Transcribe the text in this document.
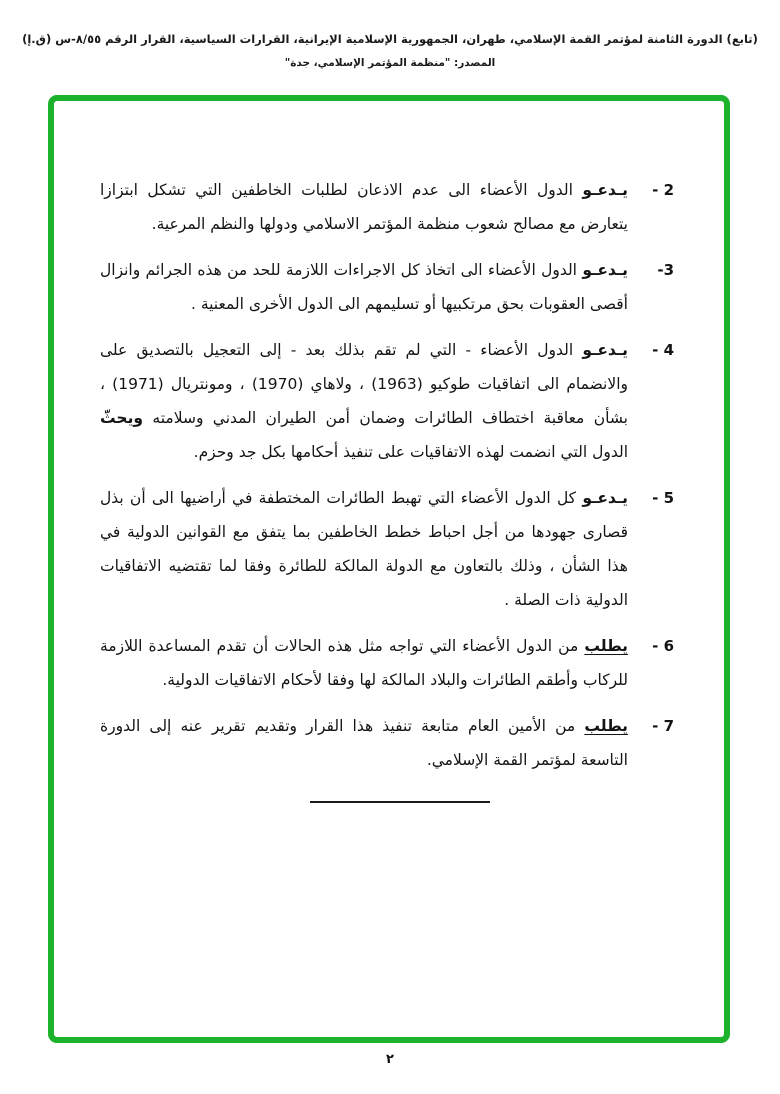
(تابع) الدورة الثامنة لمؤتمر القمة الإسلامي، طهران، الجمهورية الإسلامية الإيرانية، القرارات السياسية، القرار الرقم ٨/٥٥-س (ق.إ)

المصدر: "منظمة المؤتمر الإسلامي، جدة"

2 -

يـدعـو الدول الأعضاء الى عدم الاذعان لطلبات الخاطفين التي تشكل ابتزازا يتعارض مع مصالح شعوب منظمة المؤتمر الاسلامي ودولها والنظم المرعية.

3-

يـدعـو الدول الأعضاء الى اتخاذ كل الاجراءات اللازمة للحد من هذه الجرائم وانزال أقصى العقوبات بحق مرتكبيها أو تسليمهم الى الدول الأخرى المعنية .

4 -

يـدعـو الدول الأعضاء - التي لم تقم بذلك بعد - إلى التعجيل بالتصديق على والانضمام الى اتفاقيات طوكيو (1963) ، ولاهاي (1970) ، ومونتريال (1971) ، بشأن معاقبة اختطاف الطائرات وضمان أمن الطيران المدني وسلامته ويحثّ الدول التي انضمت لهذه الاتفاقيات على تنفيذ أحكامها بكل جد وحزم.

5 -

يـدعـو كل الدول الأعضاء التي تهبط الطائرات المختطفة في أراضيها الى أن بذل قصارى جهودها من أجل احباط خطط الخاطفين بما يتفق مع القوانين الدولية في هذا الشأن ، وذلك بالتعاون مع الدولة المالكة للطائرة وفقا لما تقتضيه الاتفاقيات الدولية ذات الصلة .

6 -

يطلب من الدول الأعضاء التي تواجه مثل هذه الحالات أن تقدم المساعدة اللازمة للركاب وأطقم الطائرات والبلاد المالكة لها وفقا لأحكام الاتفاقيات الدولية.

7 -

يطلب من الأمين العام متابعة تنفيذ هذا القرار وتقديم تقرير عنه إلى الدورة التاسعة لمؤتمر القمة الإسلامي.

٢
